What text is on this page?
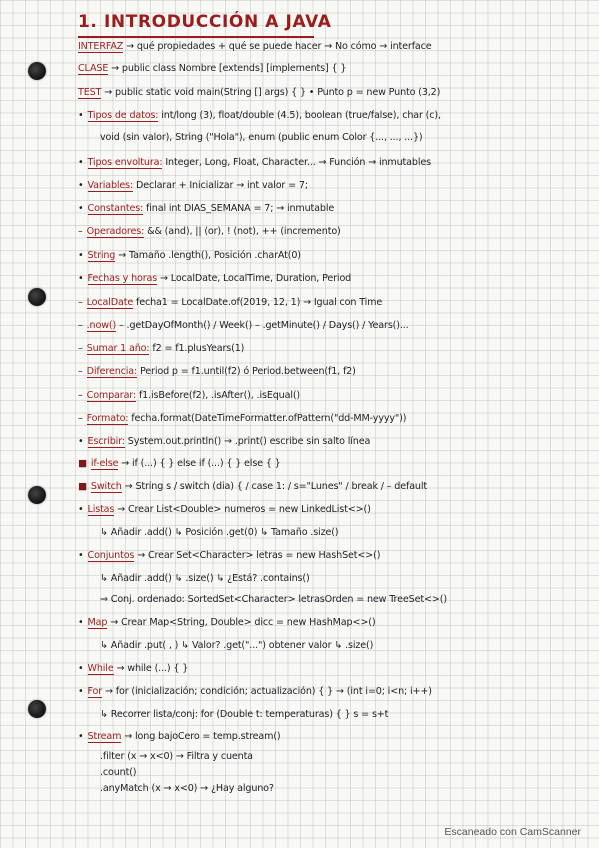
1. INTRODUCCIÓN A JAVA
INTERFAZ → qué propiedades + qué se puede hacer → No cómo → interface
CLASE → public class Nombre [extends] [implements] { }
TEST → public static void main(String [] args) { } • Punto p = new Punto (3,2)
• Tipos de datos: int/long (3), float/double (4.5), boolean (true/false), char (c),
void (sin valor), String ("Hola"), enum (public enum Color {..., ..., ...})
• Tipos envoltura: Integer, Long, Float, Character... → Función → inmutables
• Variables: Declarar + Inicializar → int valor = 7;
• Constantes: final int DIAS_SEMANA = 7; → inmutable
– Operadores: && (and), || (or), ! (not), ++ (incremento)
• String → Tamaño .length(), Posición .charAt(0)
• Fechas y horas → LocalDate, LocalTime, Duration, Period
– LocalDate fecha1 = LocalDate.of(2019, 12, 1) → Igual con Time
– .now() – .getDayOfMonth() / Week() – .getMinute() / Days() / Years()...
– Sumar 1 año: f2 = f1.plusYears(1)
– Diferencia: Period p = f1.until(f2) ó Period.between(f1, f2)
– Comparar: f1.isBefore(f2), .isAfter(), .isEqual()
– Formato: fecha.format(DateTimeFormatter.ofPattern("dd-MM-yyyy"))
• Escribir: System.out.println() → .print() escribe sin salto línea
■ if-else → if (...) { } else if (...) { } else { }
■ Switch → String s / switch (dia) { / case 1: / s="Lunes" / break / – default
• Listas → Crear List<Double> numeros = new LinkedList<>()
↳ Añadir .add() ↳ Posición .get(0) ↳ Tamaño .size()
• Conjuntos → Crear Set<Character> letras = new HashSet<>()
↳ Añadir .add() ↳ .size() ↳ ¿Está? .contains()
⇒ Conj. ordenado: SortedSet<Character> letrasOrden = new TreeSet<>()
• Map → Crear Map<String, Double> dicc = new HashMap<>()
↳ Añadir .put( , ) ↳ Valor? .get("...") obtener valor ↳ .size()
• While → while (...) { }
• For → for (inicialización; condición; actualización) { } → (int i=0; i<n; i++)
↳ Recorrer lista/conj: for (Double t: temperaturas) { } s = s+t
• Stream → long bajoCero = temp.stream()
.filter (x → x<0) → Filtra y cuenta
.count()
.anyMatch (x → x<0) → ¿Hay alguno?
Escaneado con CamScanner
